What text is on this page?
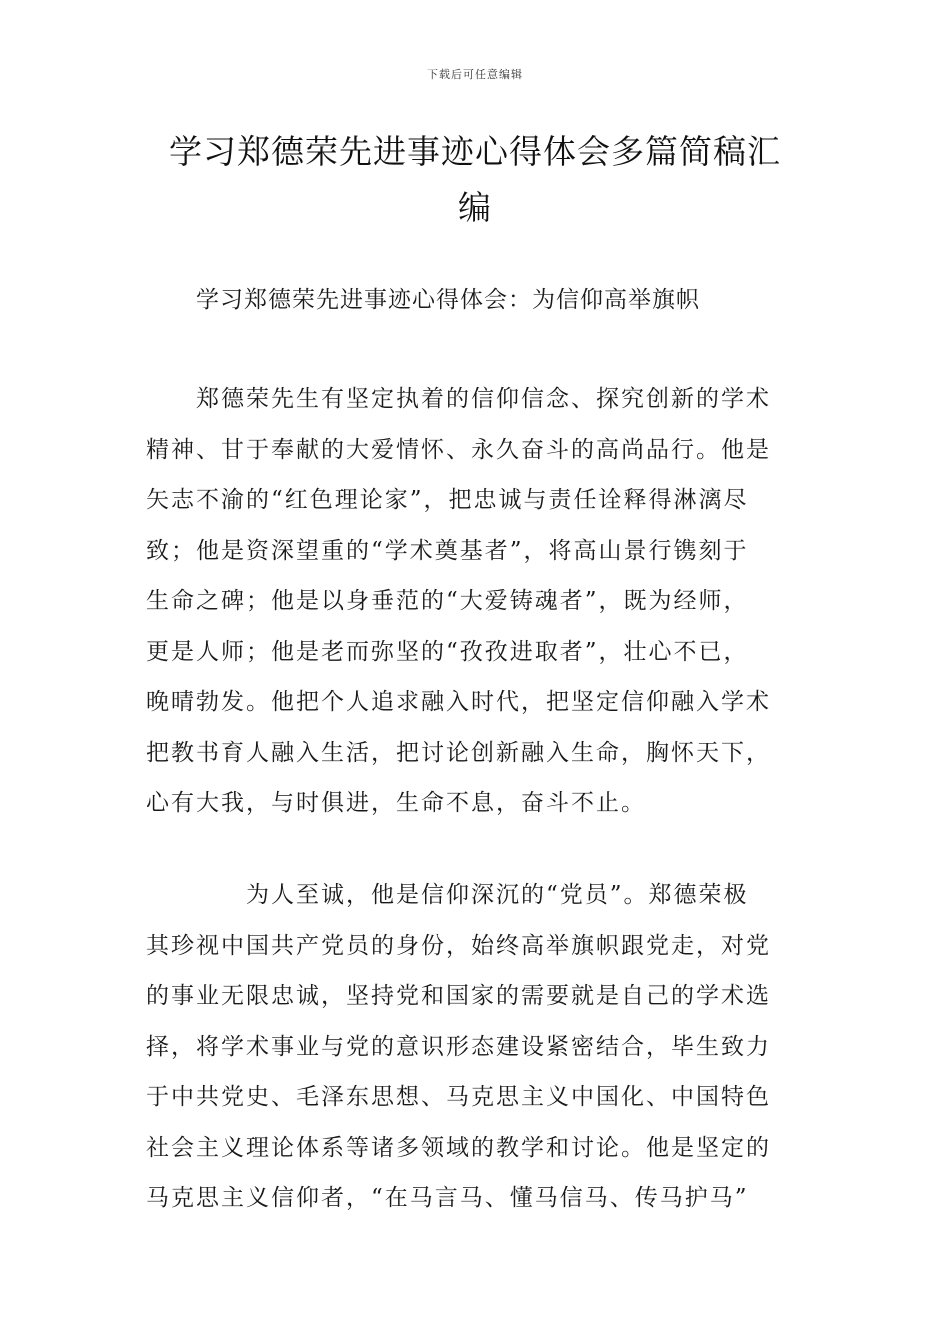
下载后可任意编辑
学习郑德荣先进事迹心得体会多篇简稿汇
编
学习郑德荣先进事迹心得体会：为信仰高举旗帜
　　郑德荣先生有坚定执着的信仰信念、探究创新的学术
精神、甘于奉献的大爱情怀、永久奋斗的高尚品行。他是
矢志不渝的“红色理论家”，把忠诚与责任诠释得淋漓尽
致；他是资深望重的“学术奠基者”，将高山景行镌刻于
生命之碑；他是以身垂范的“大爱铸魂者”，既为经师，
更是人师；他是老而弥坚的“孜孜进取者”，壮心不已，
晚晴勃发。他把个人追求融入时代，把坚定信仰融入学术
把教书育人融入生活，把讨论创新融入生命，胸怀天下，
心有大我，与时俱进，生命不息，奋斗不止。
　　　　为人至诚，他是信仰深沉的“党员”。郑德荣极
其珍视中国共产党员的身份，始终高举旗帜跟党走，对党
的事业无限忠诚，坚持党和国家的需要就是自己的学术选
择，将学术事业与党的意识形态建设紧密结合，毕生致力
于中共党史、毛泽东思想、马克思主义中国化、中国特色
社会主义理论体系等诸多领域的教学和讨论。他是坚定的
马克思主义信仰者，“在马言马、懂马信马、传马护马”
